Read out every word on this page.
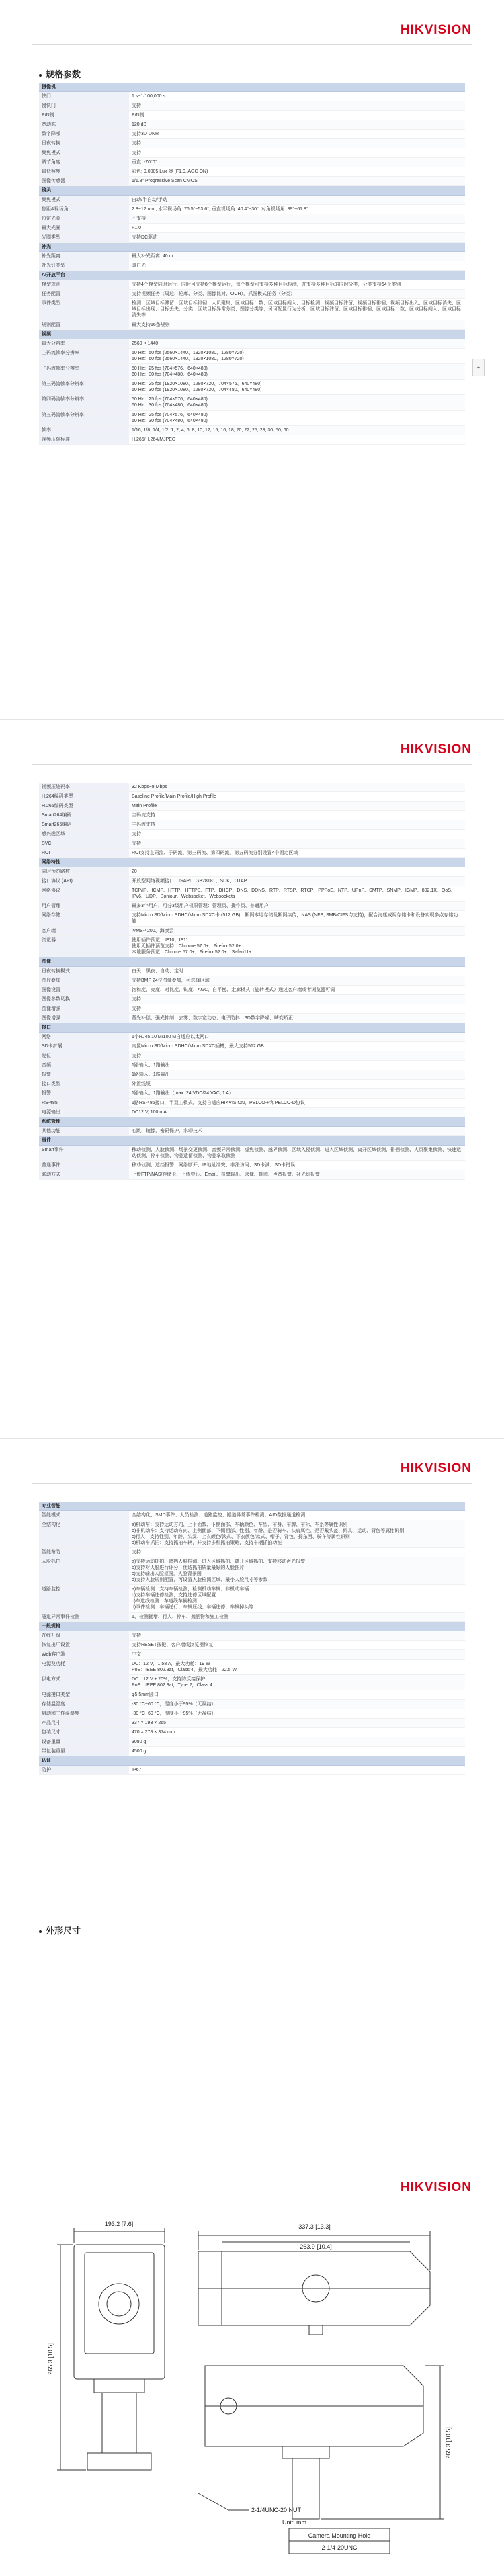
HIKVISION
规格参数
摄像机	
快门	1 s~1/100,000 s
慢快门	支持
P/N制	P/N制
宽动态	120 dB
数字降噪	支持3D DNR
日夜转换	支持
聚焦模式	支持
调节角度	垂直: -70°0°
最低照度	彩色: 0.0005 Lux @ (F1.0, AGC ON)
图像传感器	1/1.8" Progressive Scan CMOS
镜头	
聚焦模式	自动/半自动/手动
焦距&视场角	2.8~12 mm; 水平视场角: 76.5°~53.6°, 垂直视场角: 40.4°~30°, 对角视场角: 89°~61.8°
恒定光圈	不支持
最大光圈	F1.0
光圈类型	支持DC驱动
补光	
补光距离	最大补光距离: 40 m
补光灯类型	暖白光
AI开放平台	
模型规则	支持4个模型同时运行，同时可支持8个模型运行，每个模型可支持多种目标检测，并支持多种目标的同时分类，分类支持64个类别
任务配置	支持视频任务（周边、轮廓、分类、图像比对、OCR），抓图模式任务（分类）
事件类型	检测：区域目标滞留、区域目标徘徊、人员聚集、区域目标计数、区域目标闯入、目标检测、视频目标滞留、视频目标徘徊、视频目标出入、区域目标消失、区域目标出现、目标丢失；分类：区域目标异常分类、图像分类等；另可配置行为分析：区域目标滞留、区域目标徘徊、区域目标计数、区域目标闯入、区域目标消失等
规则配置	最大支持16条规则
视频	
最大分辨率	2560 × 1440
主码流帧率分辨率	50 Hz：50 fps (2560×1440、1920×1080、1280×720)
60 Hz：60 fps (2560×1440、1920×1080、1280×720)
子码流帧率分辨率	50 Hz：25 fps (704×576、640×480)
60 Hz：30 fps (704×480、640×480)
第三码流帧率分辨率	50 Hz：25 fps (1920×1080、1280×720、704×576、640×480)
60 Hz：30 fps (1920×1080、1280×720、704×480、640×480)
第四码流帧率分辨率	50 Hz：25 fps (704×576、640×480)
60 Hz：30 fps (704×480、640×480)
第五码流帧率分辨率	50 Hz：25 fps (704×576、640×480)
60 Hz：30 fps (704×480、640×480)
帧率	1/16, 1/8, 1/4, 1/2, 1, 2, 4, 6, 8, 10, 12, 15, 16, 18, 20, 22, 25, 28, 30, 50, 60
视频压缩标准	H.265/H.264/MJPEG
+
HIKVISION
视频压缩码率	32 Kbps~8 Mbps
H.264编码类型	Baseline Profile/Main Profile/High Profile
H.265编码类型	Main Profile
Smart264编码	主码流支持
Smart265编码	主码流支持
感兴趣区域	支持
SVC	支持
ROI	ROI支持主码流、子码流、第三码流、第四码流、第五码流分别设置4个固定区域
网络特性	
同时预览路数	20
接口协议 (API)	开放型网络视频接口、ISAPI、GB28181、SDK、OTAP
网络协议	TCP/IP、ICMP、HTTP、HTTPS、FTP、DHCP、DNS、DDNS、RTP、RTSP、RTCP、PPPoE、NTP、UPnP、SMTP、SNMP、IGMP、802.1X、QoS、IPv6、UDP、Bonjour、Websocket、Websockets
用户管理	最多3个用户，可分3级用户权限管理：管理员、操作员、普通用户
网络存储	支持Micro SD/Micro SDHC/Micro SDXC卡 (512 GB)，断网本地存储及断网续传，NAS (NFS, SMB/CIFS均支持)，配合海康威视存储卡和设备实现多点存储功能
客户端	iVMS-4200、海康云
浏览器	使用插件预览：IE10、IE11
使用无插件预览支持：Chrome 57.0+、Firefox 52.0+
本地服务预览：Chrome 57.0+、Firefox 52.0+、Safari11+
图像	
日夜转换模式	白天、黑夜、自动、定时
图片叠加	支持BMP 24位图像叠加，可选择区域
图像设置	饱和度、亮度、对比度、锐度、AGC、白平衡、走廊模式（旋转模式）通过客户端或者浏览器可调
图像参数切换	支持
图像增强	支持
图像增强	背光补偿、强光抑制、去雾、数字宽动态、电子防抖、3D数字降噪、畸变矫正
接口	
网络	1个RJ45 10 M/100 M自适应以太网口
SD卡扩展	内置Micro SD/Micro SDHC/Micro SDXC插槽，最大支持512 GB
复位	支持
音频	1路输入、1路输出
报警	1路输入、1路输出
接口类型	外置线缆
报警	1路输入、1路输出（max. 24 VDC/24 VAC, 1 A）
RS-485	1路RS-485接口，半双工模式，支持自适应HIKVISION、PELCO-P和PELCO-D协议
电源输出	DC12 V, 100 mA
系统管理	
其他功能	心跳，镜像，密码保护，水印技术
事件	
Smart事件	移动侦测、人脸侦测、场景变更侦测、音频异常侦测、虚焦侦测、越界侦测、区域入侵侦测、进入区域侦测、离开区域侦测、徘徊侦测、人员聚集侦测、快速运动侦测、停车侦测、物品遗留侦测、物品拿取侦测
普通事件	移动侦测、遮挡报警、网络断开、IP地址冲突、非法访问、SD卡满、SD卡错误
联动方式	上传FTP/NAS/存储卡、上传中心、Email、报警输出、录像、抓图、声音报警、补光灯报警
HIKVISION
专业智能	
智能模式	全结构化、SMD事件、人员检测、道路监控、隧道异常事件检测、AID数据通道检测
全结构化	a)机动车：支持运动方向、上下面数、下侧面部、车辆颜色、车型、车身、车牌、车标、车系等属性识别
b)非机动车：支持运动方向、上侧面部、下侧面部、性别、年龄、是否骑车、头肩属性、是否戴头盔、雨具、运动、背包等属性识别
c)行人：支持性别、年龄、头发、上衣颜色/款式、下衣颜色/款式、帽子、背包、拎东西、骑车等属性识别
d)机动车抓拍：支持抓拍车辆，并支持多种抓拍策略，支持车辆抓拍功能
智能布防	支持
人脸抓拍	a)支持运动抓拍、遮挡人脸检测、进入区域抓拍、离开区域抓拍、支持移动声光报警
b)支持对人脸进行评分，优选抓拍质量最好的人脸图片
c)支持输出人脸抠图，人脸背景图
d)支持人脸规则配置，可设置人脸检测区域、最小人脸尺寸等参数
道路监控	a)车辆检测：支持车辆检测，检测机动车辆、非机动车辆
b)支持车辆违停检测，支持违停区域配置
c)车道线检测：车道线车辆检测
d)事件检测：车辆逆行、车辆压线、车辆违停、车辆掉头等
隧道异常事件检测	1、检测拥堵、行人、停车、抛洒物和施工检测
一般规格	
在线升级	支持
恢复出厂设置	支持RESET按键、客户端或浏览器恢复
Web客户端	中文
电源及功耗	DC：12 V，1.58 A，最大功耗：19 W
PoE：IEEE 802.3at，Class 4，最大功耗：22.5 W
供电方式	DC：12 V ± 20%，支持防反接保护
PoE：IEEE 802.3at，Type 2，Class 4
电源接口类型	φ5.5mm圆口
存储温湿度	-30 °C~60 °C，湿度小于95%（无凝结）
启动和工作温湿度	-30 °C~60 °C，湿度小于95%（无凝结）
产品尺寸	337 × 193 × 265
包装尺寸	470 × 278 × 374 mm
设备重量	3080 g
带包装重量	4500 g
认证	
防护	IP67
外形尺寸
HIKVISION
193.2 [7.6]
265.3 [10.5]
337.3 [13.3]
263.9 [10.4]
265.3 [10.5]
2-1/4UNC-20 NUT
Unit: mm
Camera Mounting Hole
2-1/4-20UNC
